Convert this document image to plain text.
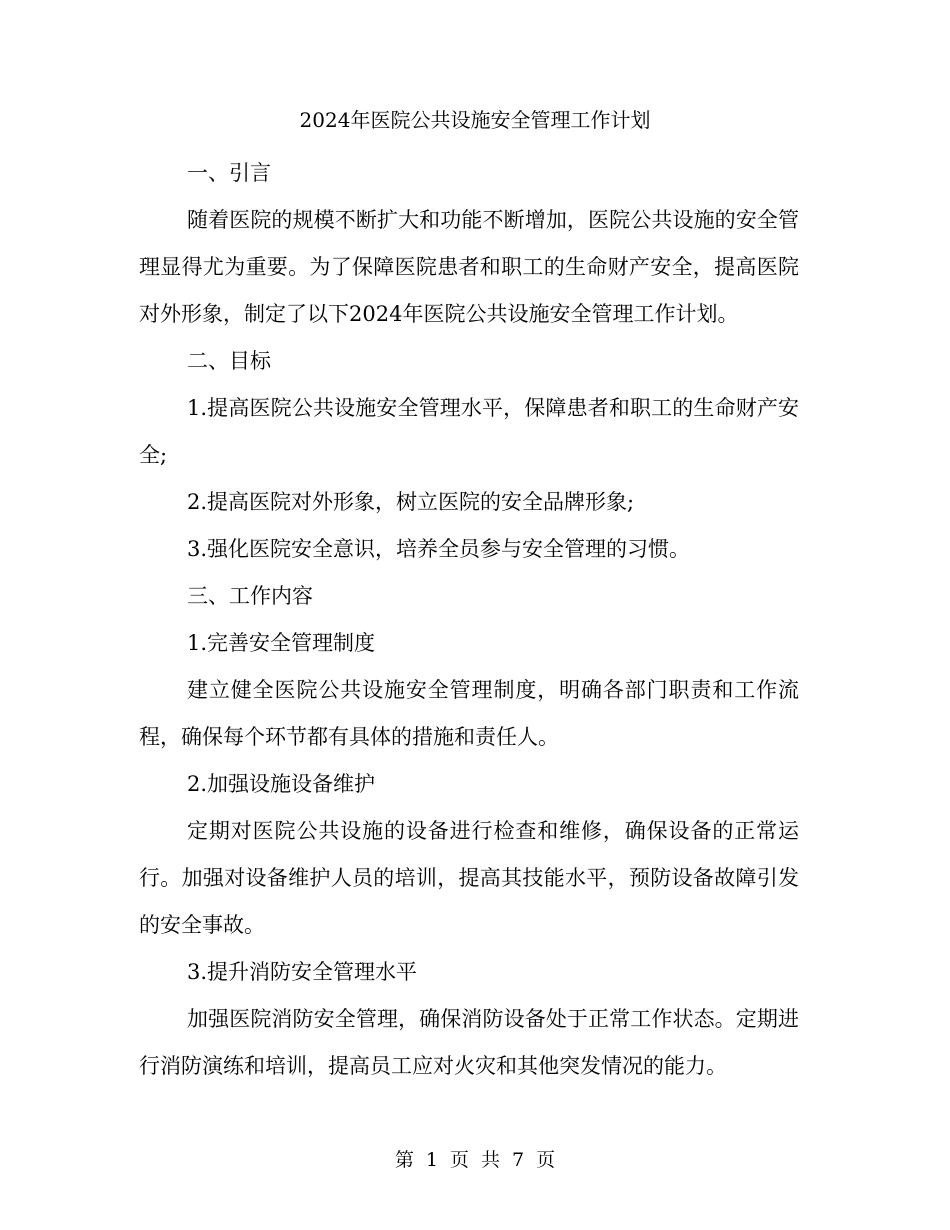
2024年医院公共设施安全管理工作计划

一、引言

随着医院的规模不断扩大和功能不断增加，医院公共设施的安全管理显得尤为重要。为了保障医院患者和职工的生命财产安全，提高医院对外形象，制定了以下2024年医院公共设施安全管理工作计划。

二、目标

1.提高医院公共设施安全管理水平，保障患者和职工的生命财产安全;

2.提高医院对外形象，树立医院的安全品牌形象;

3.强化医院安全意识，培养全员参与安全管理的习惯。

三、工作内容

1.完善安全管理制度

建立健全医院公共设施安全管理制度，明确各部门职责和工作流程，确保每个环节都有具体的措施和责任人。

2.加强设施设备维护

定期对医院公共设施的设备进行检查和维修，确保设备的正常运行。加强对设备维护人员的培训，提高其技能水平，预防设备故障引发的安全事故。

3.提升消防安全管理水平

加强医院消防安全管理，确保消防设备处于正常工作状态。定期进行消防演练和培训，提高员工应对火灾和其他突发情况的能力。

第 1 页 共 7 页
